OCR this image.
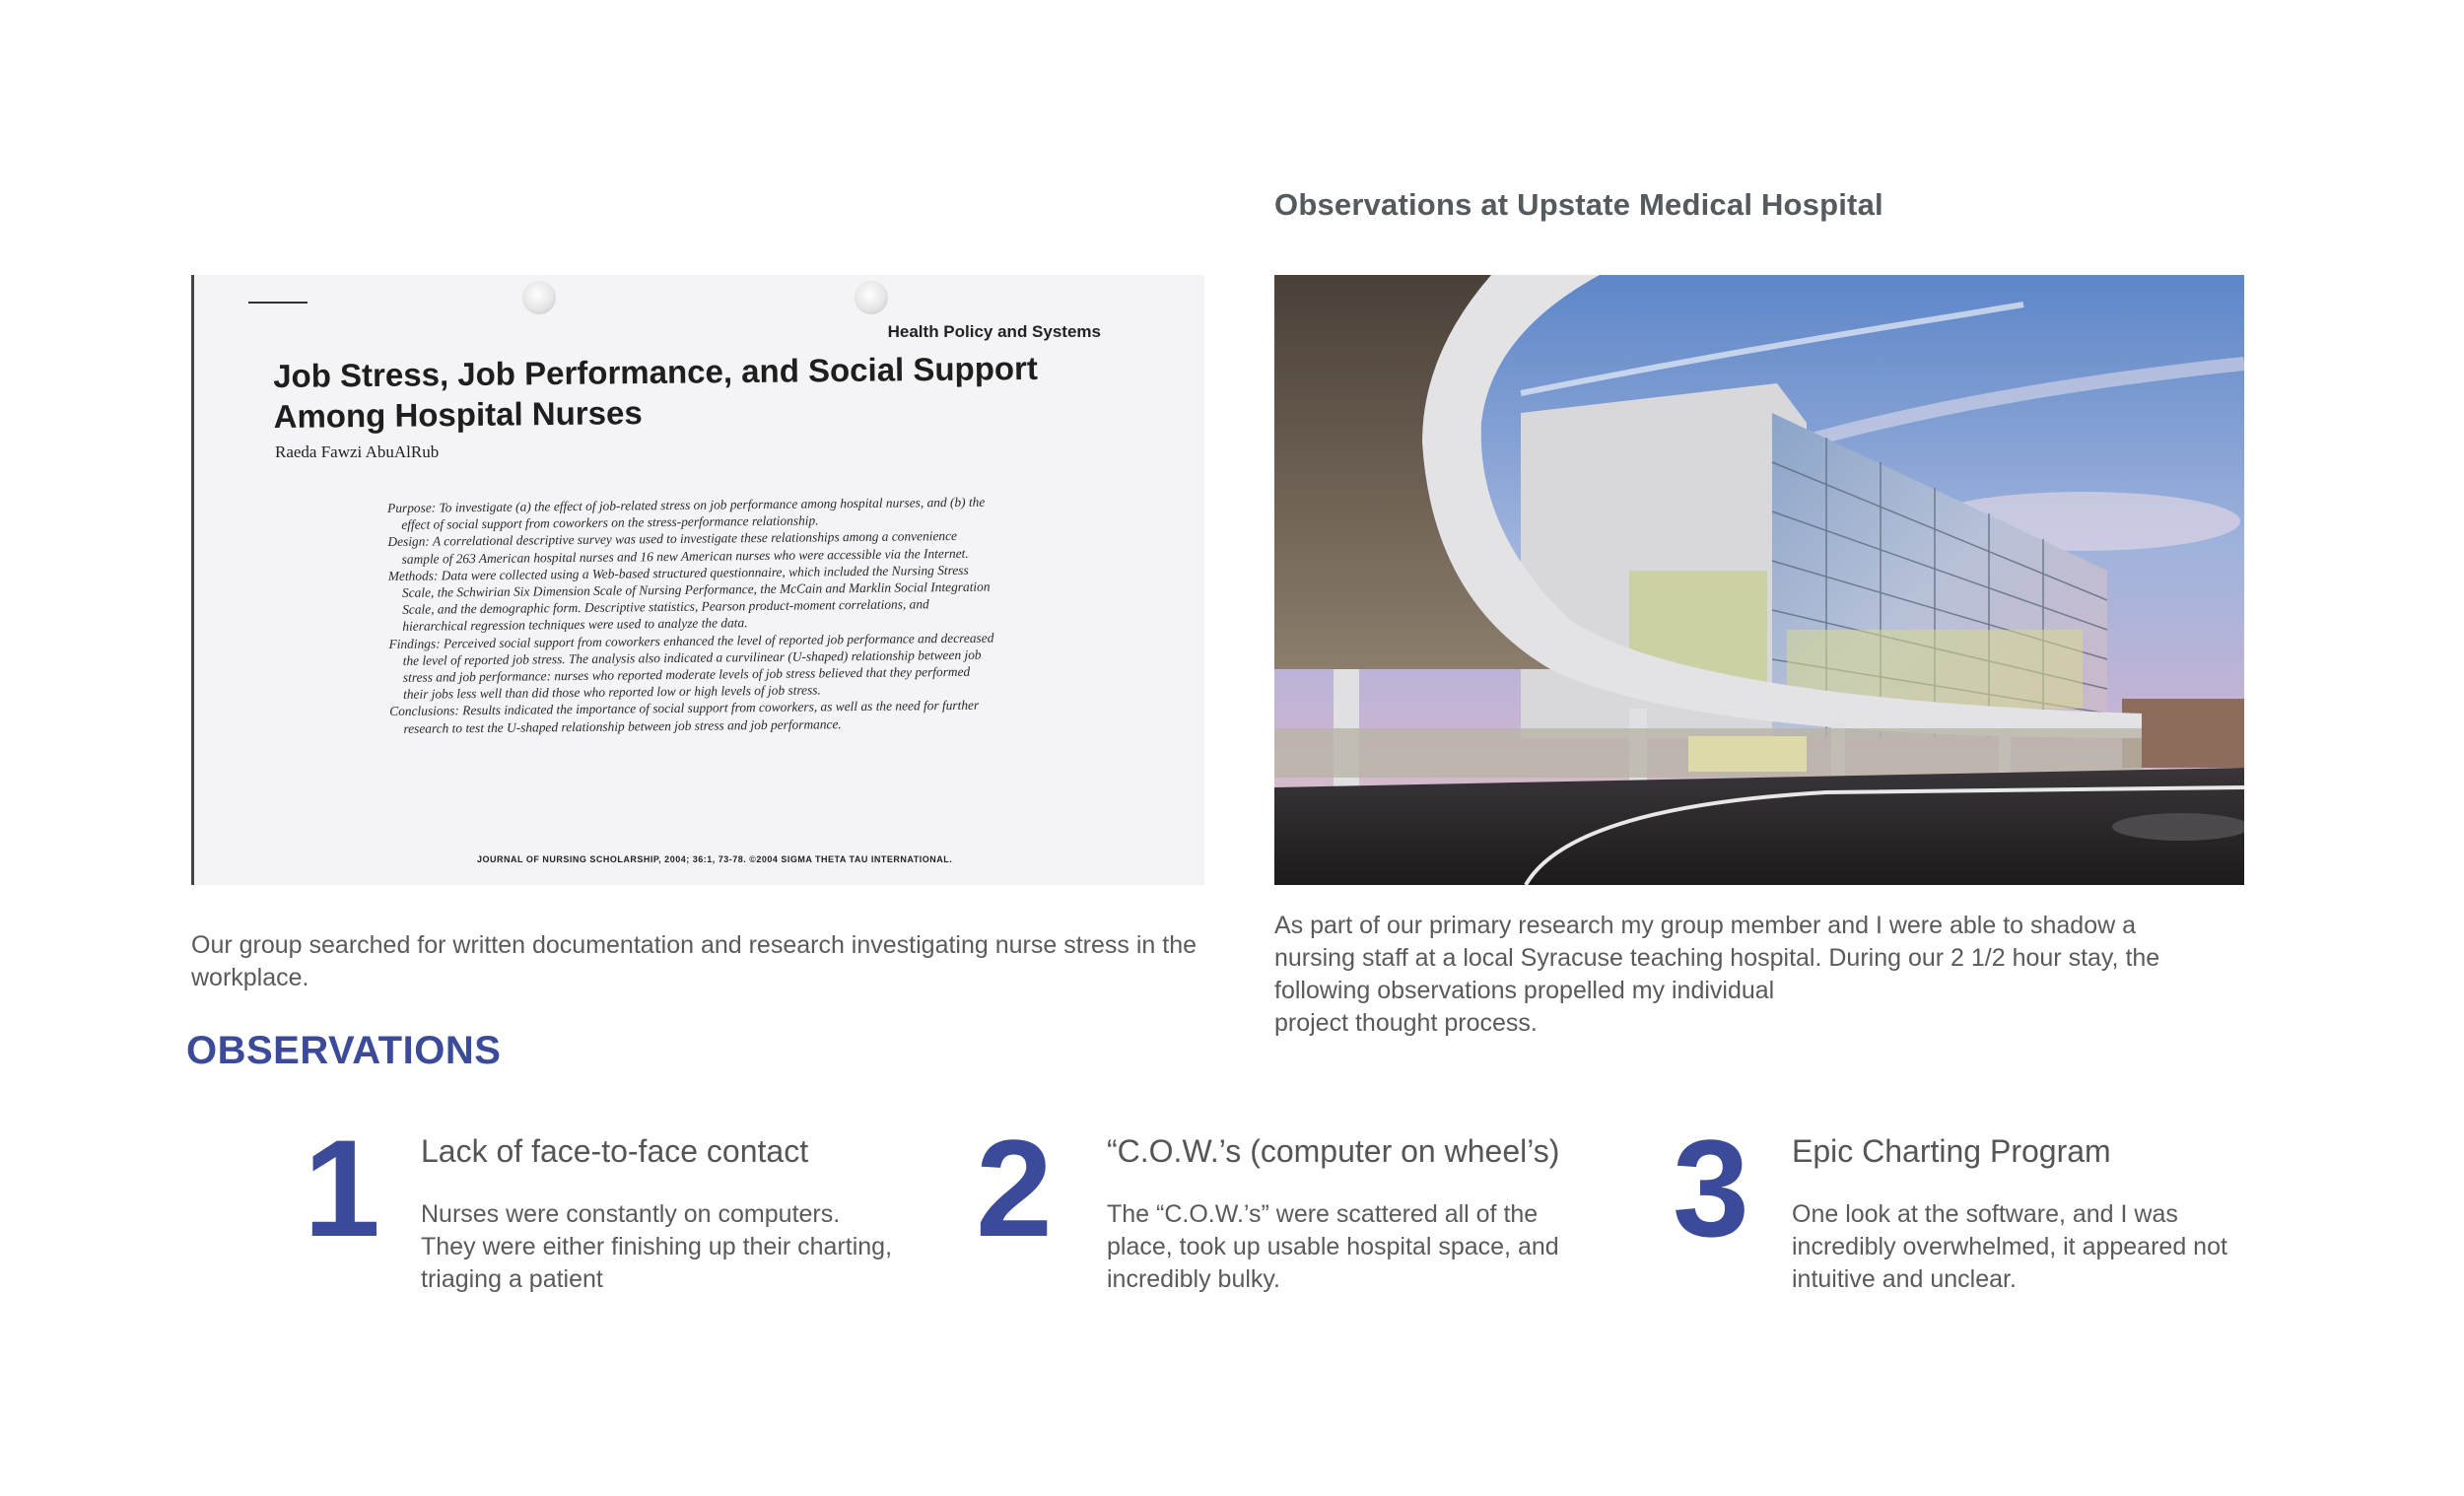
Observations at Upstate Medical Hospital
Health Policy and Systems
Job Stress, Job Performance, and Social Support
Among Hospital Nurses
Raeda Fawzi AbuAlRub

Purpose: To investigate (a) the effect of job-related stress on job performance among hospital nurses, and (b) the effect of social support from coworkers on the stress-performance relationship.

Design: A correlational descriptive survey was used to investigate these relationships among a convenience sample of 263 American hospital nurses and 16 new American nurses who were accessible via the Internet.

Methods: Data were collected using a Web-based structured questionnaire, which included the Nursing Stress Scale, the Schwirian Six Dimension Scale of Nursing Performance, the McCain and Marklin Social Integration Scale, and the demographic form. Descriptive statistics, Pearson product-moment correlations, and hierarchical regression techniques were used to analyze the data.

Findings: Perceived social support from coworkers enhanced the level of reported job performance and decreased the level of reported job stress. The analysis also indicated a curvilinear (U-shaped) relationship between job stress and job performance: nurses who reported moderate levels of job stress believed that they performed their jobs less well than did those who reported low or high levels of job stress.

Conclusions: Results indicated the importance of social support from coworkers, as well as the need for further research to test the U-shaped relationship between job stress and job performance.

JOURNAL OF NURSING SCHOLARSHIP, 2004; 36:1, 73-78. ©2004 SIGMA THETA TAU INTERNATIONAL.
Our group searched for written documentation and research investigating nurse stress in the workplace.
As part of our primary research my group member and I were able to shadow a
nursing staff at a local Syracuse teaching hospital. During our 2 1/2 hour stay, the
following observations propelled my individual
project thought process.
OBSERVATIONS
1 Lack of face-to-face contact
Nurses were constantly on computers.
They were either finishing up their charting,
triaging a patient
2 “C.O.W.’s (computer on wheel’s)
The “C.O.W.’s” were scattered all of the
place, took up usable hospital space, and
incredibly bulky.
3 Epic Charting Program
One look at the software, and I was
incredibly overwhelmed, it appeared not
intuitive and unclear.
